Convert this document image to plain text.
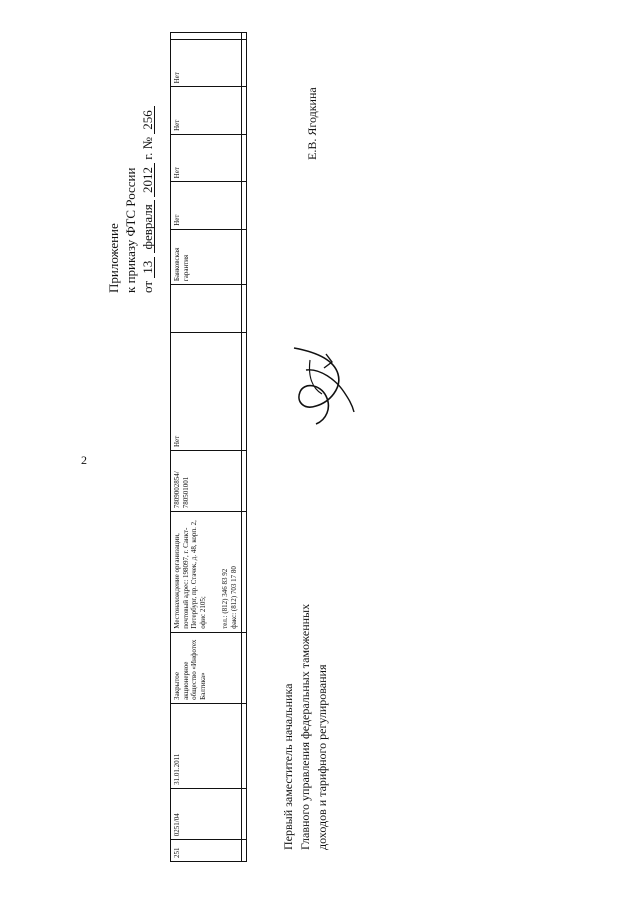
2
251
0251/04
31.01.2011
Закрытое акционерное общество «Инфотех Балтика»
Местонахождение организации, почтовый адрес: 198097, г. Санкт-Петербург, пр. Стачек, д. 48, корп. 2, офис 2105; тел.: (812) 346 83 92 факс: (812) 703 17 80
7809002854/ 780501001
Нет
Банковская гарантия
Нет
Нет
Нет
Нет
Приложение к приказу ФТС России от 13
февраля
2012
г. № 256	Е.В. Ягодкина
Первый заместитель начальника Главного управления федеральных таможенных доходов и тарифного регулирования
